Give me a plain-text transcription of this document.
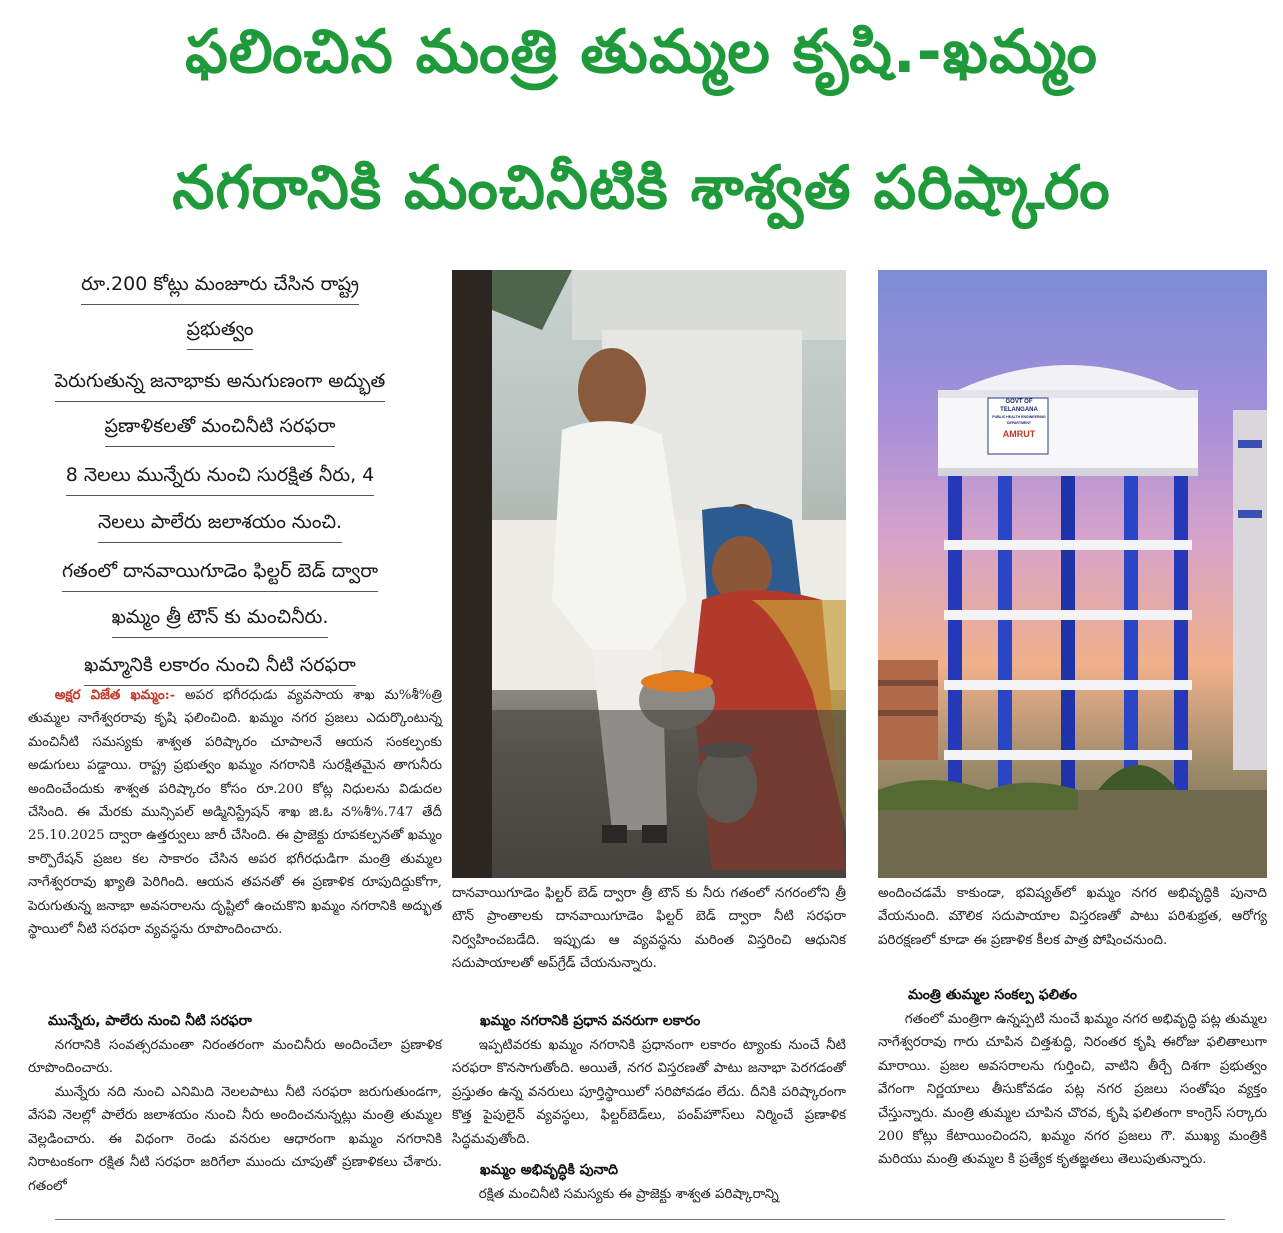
ఫలించిన మంత్రి తుమ్మల కృషి.-ఖమ్మం
నగరానికి మంచినీటికి శాశ్వత పరిష్కారం
రూ.200 కోట్లు మంజూరు చేసిన రాష్ట్ర
ప్రభుత్వం
పెరుగుతున్న జనాభాకు అనుగుణంగా అద్భుత
ప్రణాళికలతో మంచినీటి సరఫరా
8 నెలలు మున్నేరు నుంచి సురక్షిత నీరు, 4
నెలలు పాలేరు జలాశయం నుంచి.
గతంలో దానవాయిగూడెం ఫిల్టర్ బెడ్ ద్వారా
ఖమ్మం త్రీ టౌన్ కు మంచినీరు.
ఖమ్మానికి లకారం నుంచి నీటి సరఫరా

అక్షర విజేత ఖమ్మం:- అపర భగీరధుడు వ్యవసాయ శాఖ మ%శీ%త్రి తుమ్మల నాగేశ్వరరావు కృషి ఫలించింది. ఖమ్మం నగర ప్రజలు ఎదుర్కొంటున్న మంచినీటి సమస్యకు శాశ్వత పరిష్కారం చూపాలనే ఆయన సంకల్పంకు అడుగులు పడ్డాయి. రాష్ట్ర ప్రభుత్వం ఖమ్మం నగరానికి సురక్షితమైన తాగునీరు అందించేందుకు శాశ్వత పరిష్కారం కోసం రూ.200 కోట్ల నిధులను విడుదల చేసింది. ఈ మేరకు మున్సిపల్ అడ్మినిస్ట్రేషన్ శాఖ జి.ఓ న%శీ%.747 తేదీ 25.10.2025 ద్వారా ఉత్తర్వులు జారీ చేసింది. ఈ ప్రాజెక్టు రూపకల్పనతో ఖమ్మం కార్పొరేషన్ ప్రజల కల సాకారం చేసిన అపర భగీరధుడిగా మంత్రి తుమ్మల నాగేశ్వరరావు ఖ్యాతి పెరిగింది. ఆయన తపనతో ఈ ప్రణాళిక రూపుదిద్దుకోగా, పెరుగుతున్న జనాభా అవసరాలను దృష్టిలో ఉంచుకొని ఖమ్మం నగరానికి అద్భుత స్థాయిలో నీటి సరఫరా వ్యవస్థను రూపొందించారు.

మున్నేరు, పాలేరు నుంచి నీటి సరఫరా

నగరానికి సంవత్సరమంతా నిరంతరంగా మంచినీరు అందించేలా ప్రణాళిక రూపొందించారు.

మున్నేరు నది నుంచి ఎనిమిది నెలలపాటు నీటి సరఫరా జరుగుతుండగా, వేసవి నెలల్లో పాలేరు జలాశయం నుంచి నీరు అందించనున్నట్లు మంత్రి తుమ్మల వెల్లడించారు. ఈ విధంగా రెండు వనరుల ఆధారంగా ఖమ్మం నగరానికి నిరాటంకంగా రక్షిత నీటి సరఫరా జరిగేలా ముందు చూపుతో ప్రణాళికలు చేశారు. గతంలో

GOVT OF TELANGANA
PUBLIC HEALTH ENGINEERING DEPARTMENT
AMRUT

దానవాయిగూడెం ఫిల్టర్ బెడ్ ద్వారా త్రీ టౌన్ కు నీరు గతంలో నగరంలోని త్రీ టౌన్ ప్రాంతాలకు దానవాయిగూడెం ఫిల్టర్ బెడ్ ద్వారా నీటి సరఫరా నిర్వహించబడేది. ఇప్పుడు ఆ వ్యవస్థను మరింత విస్తరించి ఆధునిక సదుపాయాలతో అప్‌గ్రేడ్ చేయనున్నారు.

ఖమ్మం నగరానికి ప్రధాన వనరుగా లకారం

ఇప్పటివరకు ఖమ్మం నగరానికి ప్రధానంగా లకారం ట్యాంకు నుంచే నీటి సరఫరా కొనసాగుతోంది. అయితే, నగర విస్తరణతో పాటు జనాభా పెరగడంతో ప్రస్తుతం ఉన్న వనరులు పూర్తిస్థాయిలో సరిపోవడం లేదు. దీనికి పరిష్కారంగా కొత్త పైపులైన్ వ్యవస్థలు, ఫిల్టర్‌బెడ్‌లు, పంప్‌హౌస్‌లు నిర్మించే ప్రణాళిక సిద్ధమవుతోంది.

ఖమ్మం అభివృద్ధికి పునాది

రక్షిత మంచినీటి సమస్యకు ఈ ప్రాజెక్టు శాశ్వత పరిష్కారాన్ని

అందించడమే కాకుండా, భవిష్యత్‌లో ఖమ్మం నగర అభివృద్ధికి పునాది వేయనుంది. మౌలిక సదుపాయాల విస్తరణతో పాటు పరిశుభ్రత, ఆరోగ్య పరిరక్షణలో కూడా ఈ ప్రణాళిక కీలక పాత్ర పోషించనుంది.

మంత్రి తుమ్మల సంకల్ప ఫలితం

గతంలో మంత్రిగా ఉన్నప్పటి నుంచే ఖమ్మం నగర అభివృద్ధి పట్ల తుమ్మల నాగేశ్వరరావు గారు చూపిన చిత్తశుద్ధి, నిరంతర కృషి ఈరోజు ఫలితాలుగా మారాయి. ప్రజల అవసరాలను గుర్తించి, వాటిని తీర్చే దిశగా ప్రభుత్వం వేగంగా నిర్ణయాలు తీసుకోవడం పట్ల నగర ప్రజలు సంతోషం వ్యక్తం చేస్తున్నారు. మంత్రి తుమ్మల చూపిన చొరవ, కృషి ఫలితంగా కాంగ్రెస్ సర్కారు 200 కోట్లు కేటాయించిందని, ఖమ్మం నగర ప్రజలు గౌ. ముఖ్య మంత్రికి మరియు మంత్రి తుమ్మల కి ప్రత్యేక కృతజ్ఞతలు తెలుపుతున్నారు.
